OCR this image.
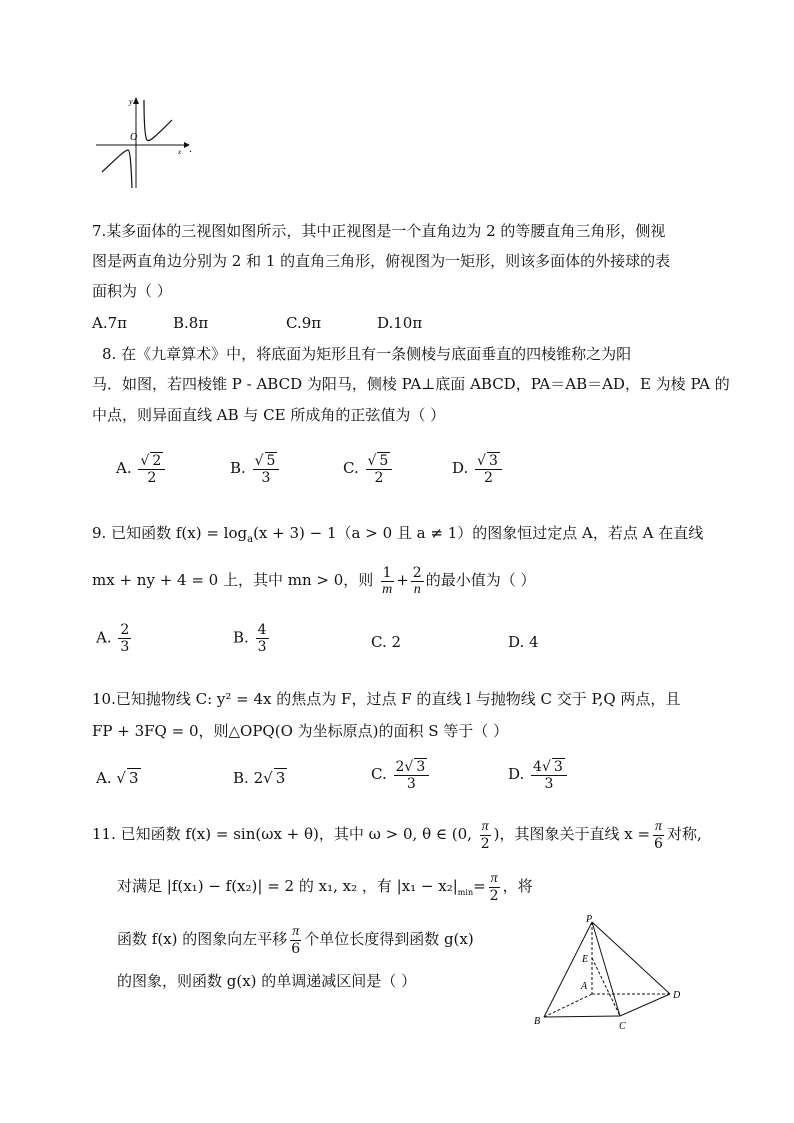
y
O
x .
7.某多面体的三视图如图所示，其中正视图是一个直角边为 2 的等腰直角三角形，侧视
图是两直角边分别为 2 和 1 的直角三角形，俯视图为一矩形，则该多面体的外接球的表
面积为（ ）
A.7π	B.8π	C.9π	D.10π
8. 在《九章算术》中，将底面为矩形且有一条侧棱与底面垂直的四棱锥称之为阳
马．如图，若四棱锥 P - ABCD 为阳马，侧棱 PA⊥底面 ABCD，PA＝AB＝AD，E 为棱 PA 的
中点，则异面直线 AB 与 CE 所成角的正弦值为（ ）
A. $\frac{√ 2}{2}$	B. $\frac{√ 5}{3}$	C. $\frac{√ 5}{2}$	D. $\frac{√ 3}{2}$
9. 已知函数 $f(x) = \log_a(x + 3) - 1(a > 0$ 且 a ≠ 1）的图象恒过定点 A，若点 A 在直线
mx + ny + 4 = 0 上，其中 mn > 0，则 $\frac{1}{m} + \frac{2}{n}$ 的最小值为（ ）
A. $\frac{2}{3}$	B. $\frac{4}{3}$	C. 2	D. 4
10.已知抛物线 C: y² = 4x 的焦点为 F，过点 F 的直线 l 与抛物线 C 交于 P,Q 两点，且
FP + 3FQ = 0，则△OPQ(O 为坐标原点)的面积 S 等于（ ）
A. √ 3	B. 2√ 3	C. $\frac{2√ 3}{3}$	D. $\frac{4√ 3}{3}$
11. 已知函数 f(x) = sin(ωx + θ)，其中 ω > 0, θ ∈ (0, $\frac{\pi}{2}$ )，其图象关于直线 $x = \frac{\pi}{6}$ 对称,
对满足 |f(x₁) − f(x₂)| = 2 的 x₁, x₂ ，有 $|x_1 - x_2|_{min}= \frac{\pi}{2}$ ，将
函数 f(x) 的图象向左平移 $\frac{\pi}{6}$ 个单位长度得到函数 g(x)
的图象，则函数 g(x) 的单调递减区间是（ ）
P
E
A
D
B	C
